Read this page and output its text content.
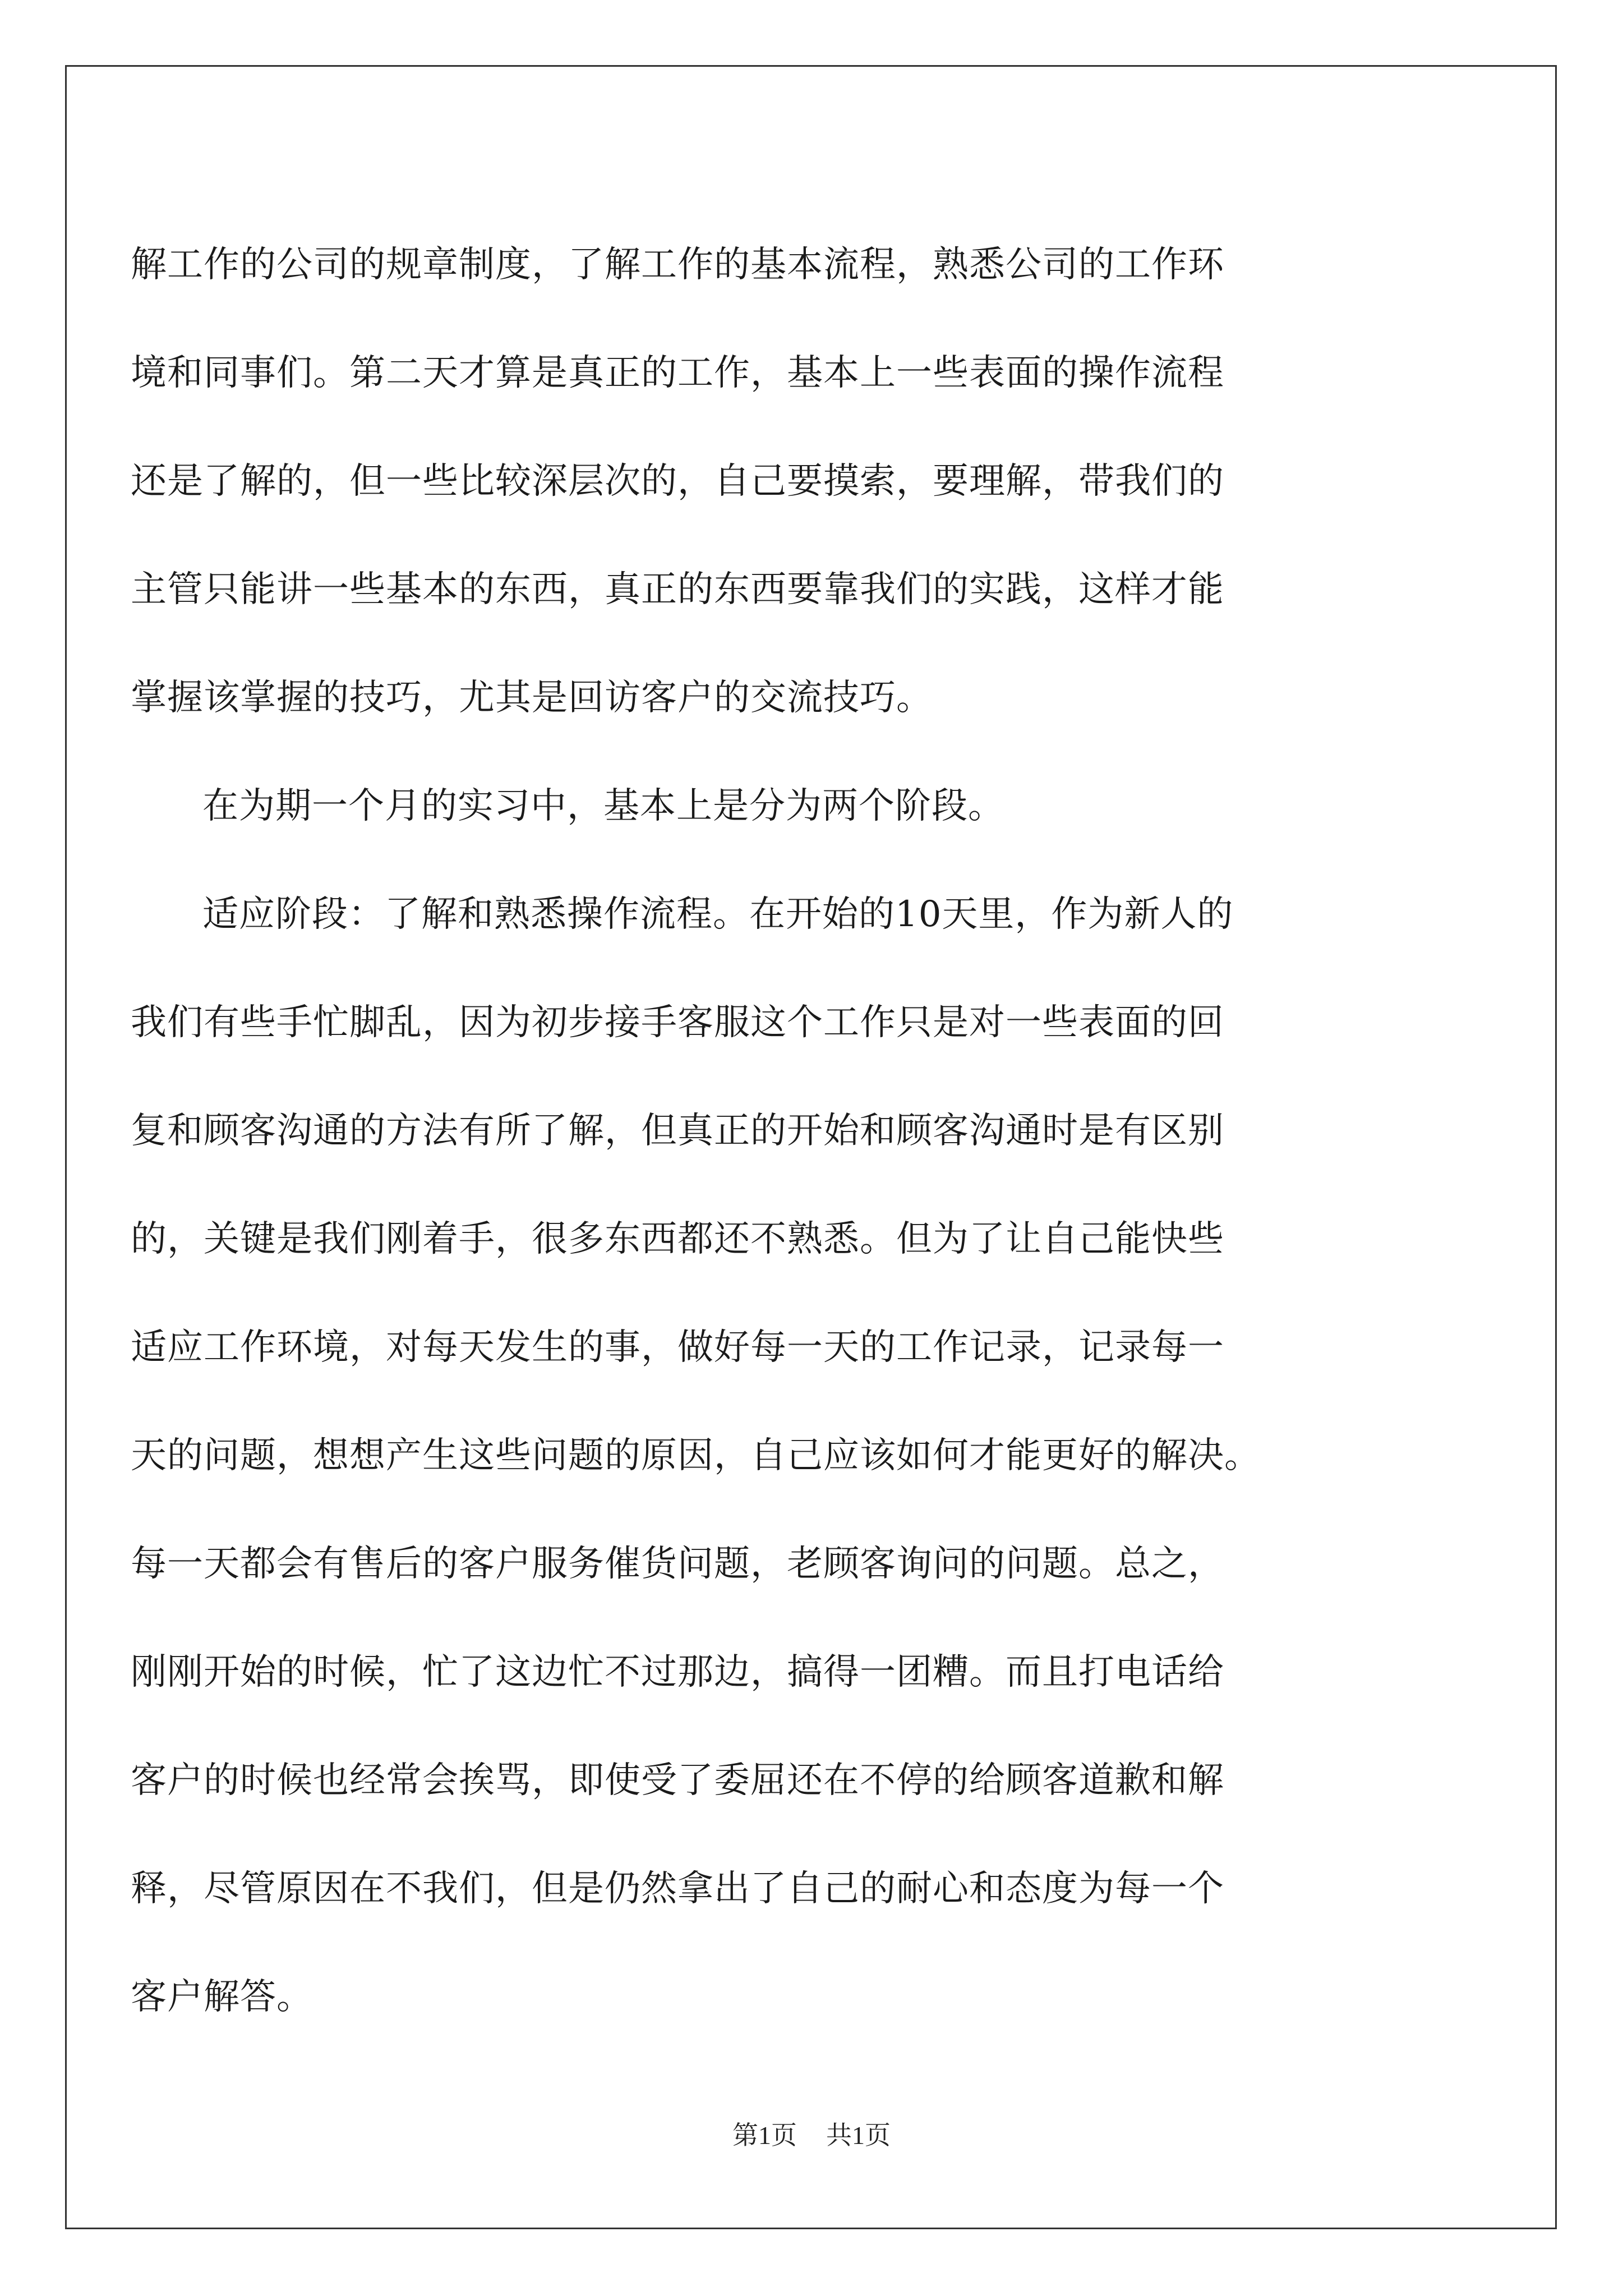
解工作的公司的规章制度，了解工作的基本流程，熟悉公司的工作环
境和同事们。第二天才算是真正的工作，基本上一些表面的操作流程
还是了解的，但一些比较深层次的，自己要摸索，要理解，带我们的
主管只能讲一些基本的东西，真正的东西要靠我们的实践，这样才能
掌握该掌握的技巧，尤其是回访客户的交流技巧。

在为期一个月的实习中，基本上是分为两个阶段。

适应阶段：了解和熟悉操作流程。在开始的10天里，作为新人的
我们有些手忙脚乱，因为初步接手客服这个工作只是对一些表面的回
复和顾客沟通的方法有所了解，但真正的开始和顾客沟通时是有区别
的，关键是我们刚着手，很多东西都还不熟悉。但为了让自己能快些
适应工作环境，对每天发生的事，做好每一天的工作记录，记录每一
天的问题，想想产生这些问题的原因，自己应该如何才能更好的解决。
每一天都会有售后的客户服务催货问题，老顾客询问的问题。总之，
刚刚开始的时候，忙了这边忙不过那边，搞得一团糟。而且打电话给
客户的时候也经常会挨骂，即使受了委屈还在不停的给顾客道歉和解
释，尽管原因在不我们，但是仍然拿出了自己的耐心和态度为每一个
客户解答。

第1页 共1页
